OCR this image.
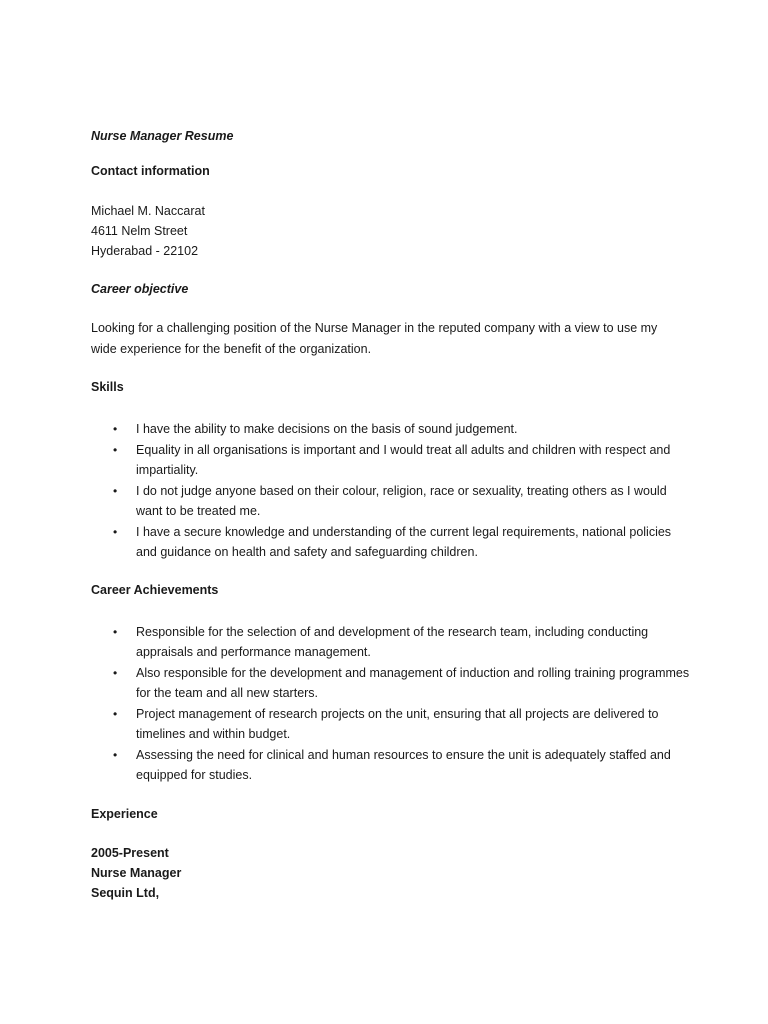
Nurse Manager Resume
Contact information
Michael M. Naccarat
4611 Nelm Street
Hyderabad - 22102
Career objective
Looking for a challenging position of the Nurse Manager in the reputed company with a view to use my wide experience for the benefit of the organization.
Skills
• I have the ability to make decisions on the basis of sound judgement.
• Equality in all organisations is important and I would treat all adults and children with respect and impartiality.
• I do not judge anyone based on their colour, religion, race or sexuality, treating others as I would want to be treated me.
• I have a secure knowledge and understanding of the current legal requirements, national policies and guidance on health and safety and safeguarding children.
Career Achievements
• Responsible for the selection of and development of the research team, including conducting appraisals and performance management.
• Also responsible for the development and management of induction and rolling training programmes for the team and all new starters.
• Project management of research projects on the unit, ensuring that all projects are delivered to timelines and within budget.
• Assessing the need for clinical and human resources to ensure the unit is adequately staffed and equipped for studies.
Experience
2005-Present
Nurse Manager
Sequin Ltd,
